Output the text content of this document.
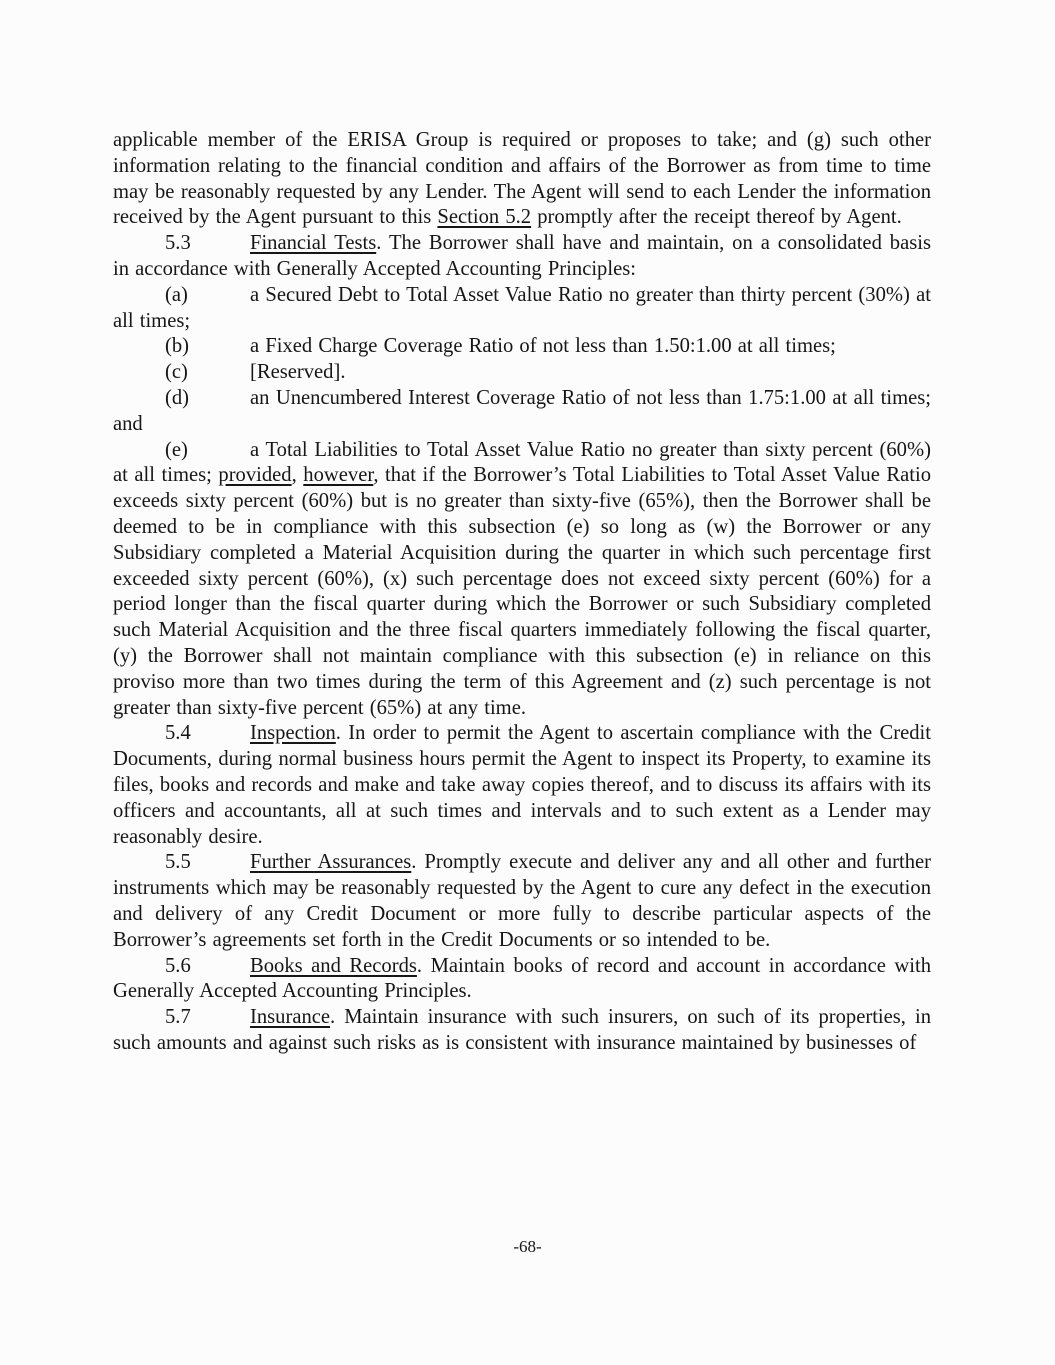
applicable member of the ERISA Group is required or proposes to take; and (g) such other information relating to the financial condition and affairs of the Borrower as from time to time may be reasonably requested by any Lender. The Agent will send to each Lender the information received by the Agent pursuant to this Section 5.2 promptly after the receipt thereof by Agent.

5.3	Financial Tests. The Borrower shall have and maintain, on a consolidated basis in accordance with Generally Accepted Accounting Principles:

(a)	a Secured Debt to Total Asset Value Ratio no greater than thirty percent (30%) at all times;

(b)	a Fixed Charge Coverage Ratio of not less than 1.50:1.00 at all times;

(c)	[Reserved].

(d)	an Unencumbered Interest Coverage Ratio of not less than 1.75:1.00 at all times; and

(e)	a Total Liabilities to Total Asset Value Ratio no greater than sixty percent (60%) at all times; provided, however, that if the Borrower’s Total Liabilities to Total Asset Value Ratio exceeds sixty percent (60%) but is no greater than sixty-five (65%), then the Borrower shall be deemed to be in compliance with this subsection (e) so long as (w) the Borrower or any Subsidiary completed a Material Acquisition during the quarter in which such percentage first exceeded sixty percent (60%), (x) such percentage does not exceed sixty percent (60%) for a period longer than the fiscal quarter during which the Borrower or such Subsidiary completed such Material Acquisition and the three fiscal quarters immediately following the fiscal quarter, (y) the Borrower shall not maintain compliance with this subsection (e) in reliance on this proviso more than two times during the term of this Agreement and (z) such percentage is not greater than sixty-five percent (65%) at any time.

5.4	Inspection. In order to permit the Agent to ascertain compliance with the Credit Documents, during normal business hours permit the Agent to inspect its Property, to examine its files, books and records and make and take away copies thereof, and to discuss its affairs with its officers and accountants, all at such times and intervals and to such extent as a Lender may reasonably desire.

5.5	Further Assurances. Promptly execute and deliver any and all other and further instruments which may be reasonably requested by the Agent to cure any defect in the execution and delivery of any Credit Document or more fully to describe particular aspects of the Borrower’s agreements set forth in the Credit Documents or so intended to be.

5.6	Books and Records. Maintain books of record and account in accordance with Generally Accepted Accounting Principles.

5.7	Insurance. Maintain insurance with such insurers, on such of its properties, in such amounts and against such risks as is consistent with insurance maintained by businesses of

-68-
